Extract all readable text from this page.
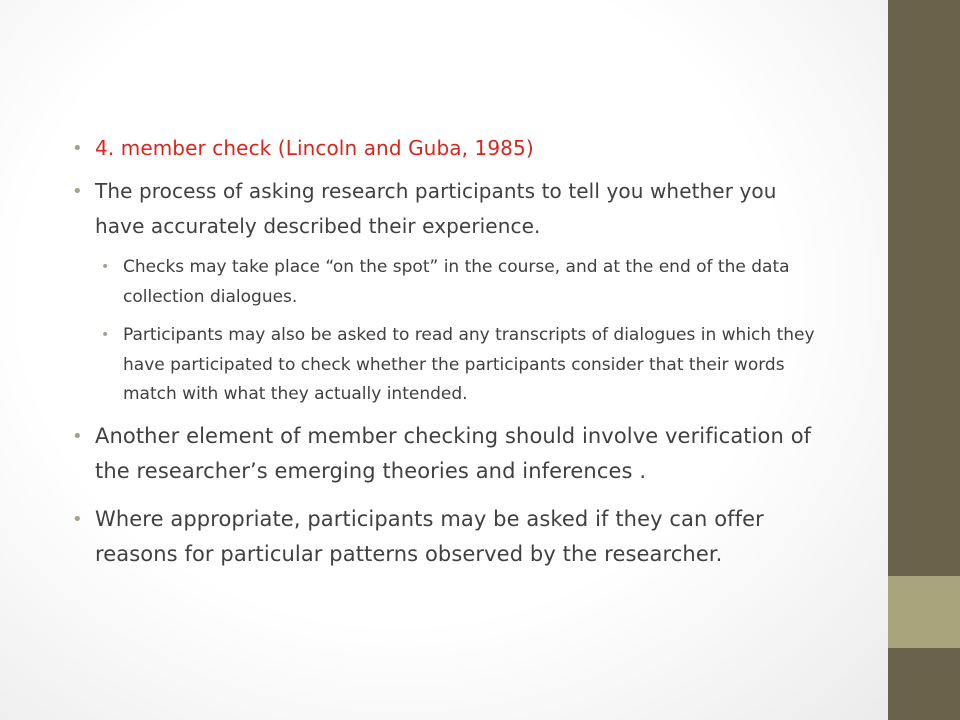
• 4. member check (Lincoln and Guba, 1985)
• The process of asking research participants to tell you whether you have accurately described their experience.
• Checks may take place “on the spot” in the course, and at the end of the data collection dialogues.
• Participants may also be asked to read any transcripts of dialogues in which they have participated to check whether the participants consider that their words match with what they actually intended.
• Another element of member checking should involve verification of the researcher’s emerging theories and inferences .
• Where appropriate, participants may be asked if they can offer reasons for particular patterns observed by the researcher.
